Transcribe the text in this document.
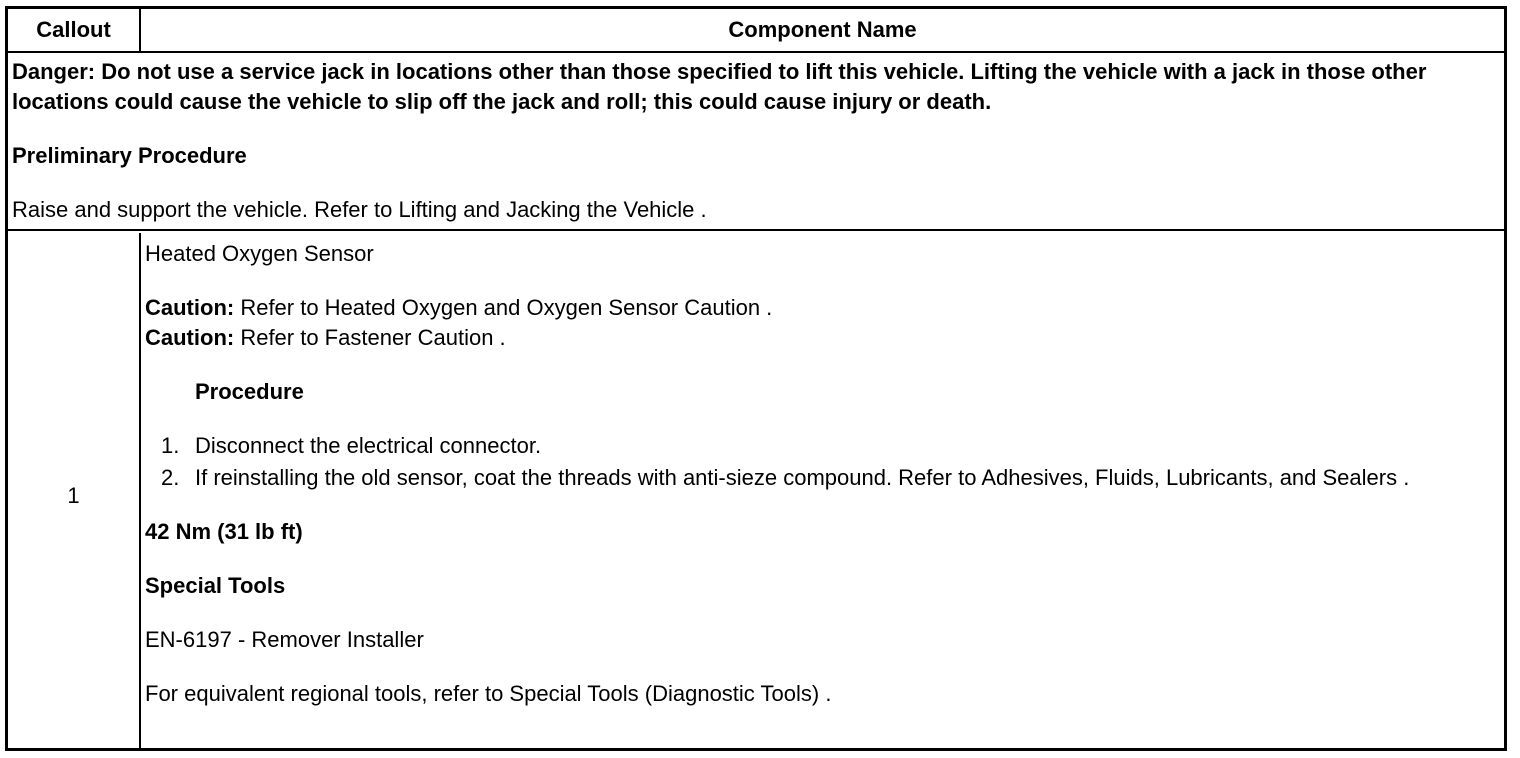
Callout	Component Name

Danger: Do not use a service jack in locations other than those specified to lift this vehicle. Lifting the vehicle with a jack in those other locations could cause the vehicle to slip off the jack and roll; this could cause injury or death.

Preliminary Procedure

Raise and support the vehicle. Refer to Lifting and Jacking the Vehicle .

1

Heated Oxygen Sensor

Caution: Refer to Heated Oxygen and Oxygen Sensor Caution .

Caution: Refer to Fastener Caution .

Procedure

1. Disconnect the electrical connector.
2. If reinstalling the old sensor, coat the threads with anti-sieze compound. Refer to Adhesives, Fluids, Lubricants, and Sealers .

42 Nm (31 lb ft)

Special Tools

EN-6197 - Remover Installer

For equivalent regional tools, refer to Special Tools (Diagnostic Tools) .
